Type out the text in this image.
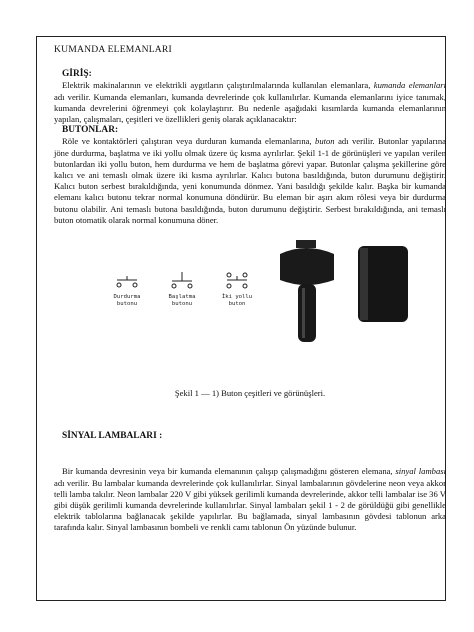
KUMANDA ELEMANLARI

GİRİŞ:

Elektrik makinalarının ve elektrikli aygıtların çalıştırılmalarında kullanılan elemanlara, kumanda elemanları adı verilir. Kumanda elemanları, kumanda devrelerinde çok kullanılırlar. Kumanda elemanlarını iyice tanımak, kumanda devrelerini öğrenmeyi çok kolaylaştırır. Bu nedenle aşağıdaki kısımlarda kumanda elemanlarının yapılan, çalışmaları, çeşitleri ve özellikleri geniş olarak açıklanacaktır:

BUTONLAR:

Röle ve kontaktörleri çalıştıran veya durduran kumanda elemanlarına, buton adı verilir. Butonlar yapılarına jöne durdurma, başlatma ve iki yollu olmak üzere üç kısma ayrılırlar. Şekil 1-1 de görünüşleri ve yapılan verilen butonlardan iki yollu buton, hem durdurma ve hem de başlatma görevi yapar. Butonlar çalışma şekillerine göre kalıcı ve ani temaslı olmak üzere iki kısma ayrılırlar. Kalıcı butona basıldığında, buton durumunu değiştirir. Kalıcı buton serbest bırakıldığında, yeni konumunda dönmez. Yani basıldığı şekilde kalır. Başka bir kumanda elemanı kalıcı butonu tekrar normal konumuna döndürür. Bu eleman bir aşırı akım rölesi veya bir durdurma butonu olabilir. Ani temaslı butona basıldığında, buton durumunu değiştirir. Serbest bırakıldığında, ani temaslı buton otomatik olarak normal konumuna döner.

Durdurma butonu
Başlatma butonu
İki yollu buton

Şekil 1 — 1) Buton çeşitleri ve görünüşleri.

SİNYAL LAMBALARI :

Bir kumanda devresinin veya bir kumanda elemanının çalışıp çalışmadığını gösteren elemana, sinyal lambası adı verilir. Bu lambalar kumanda devrelerinde çok kullanılırlar. Sinyal lambalarının gövdelerine neon veya akkor telli lamba takılır. Neon lambalar 220 V gibi yüksek gerilimli kumanda devrelerinde, akkor telli lambalar ise 36 V gibi düşük gerilimli kumanda devrelerinde kullanılırlar. Sinyal lambaları şekil 1 - 2 de görüldüğü gibi genellikle elektrik tablolarına bağlanacak şekilde yapılırlar. Bu bağlamada, sinyal lambasının gövdesi tablonun arka tarafında kalır. Sinyal lambasının bombeli ve renkli camı tablonun Ön yüzünde bulunur.
